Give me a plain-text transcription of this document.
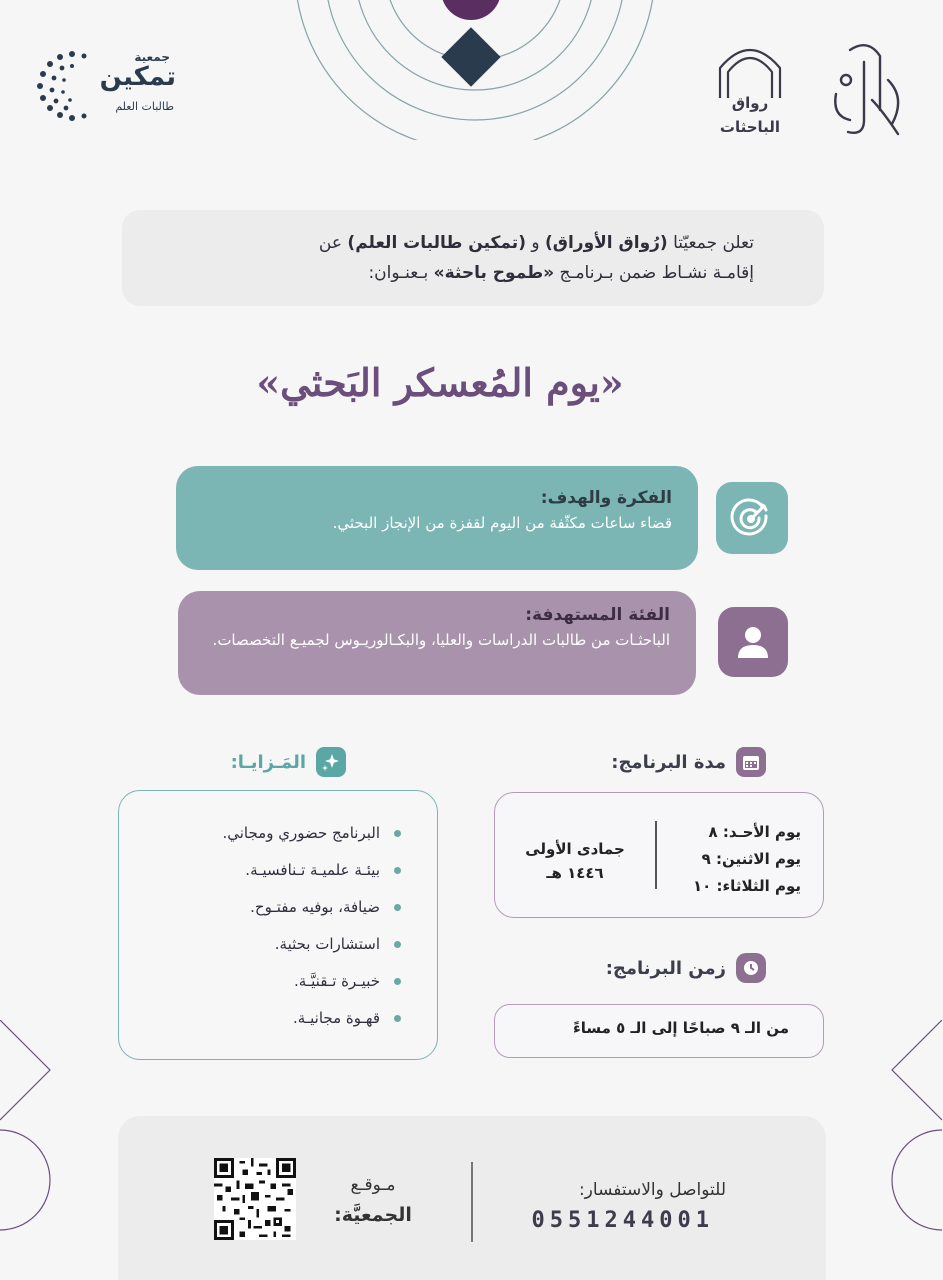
جمعية
تمكين
طالبات العلم	رواق
الباحثات
تعلن جمعيّتا (رُواق الأوراق) و (تمكين طالبات العلم) عن
إقامـة نشـاط ضمن بـرنامـج «طموح باحثة» بـعنـوان:
«يوم المُعسكر البَحثي»
الفكرة والهدف:

قضاء ساعات مكثّفة من اليوم لقفزة من الإنجاز البحثي.

الفئة المستهدفة:

الباحثـات من طالبات الدراسات والعليا، والبكـالوريـوس لجميـع التخصصات.

مدة البرنامج:
يوم الأحـد: ٨
يوم الاثنين: ٩
يوم الثلاثاء: ١٠
جمادى الأولى
١٤٤٦ هـ
زمن البرنامج:
من الـ ٩ صباحًا إلى الـ ٥ مساءً
المَـزايـا:
البرنامج حضوري ومجاني.
بيئـة علميـة تـنافسيـة.
ضيافة، بوفيه مفتـوح.
استشارات بحثية.
خبيـرة تـقنيَّـة.
قهـوة مجانيـة.
للتواصل والاستفسار:
0551244001
مـوقـع
الجمعيَّة:
